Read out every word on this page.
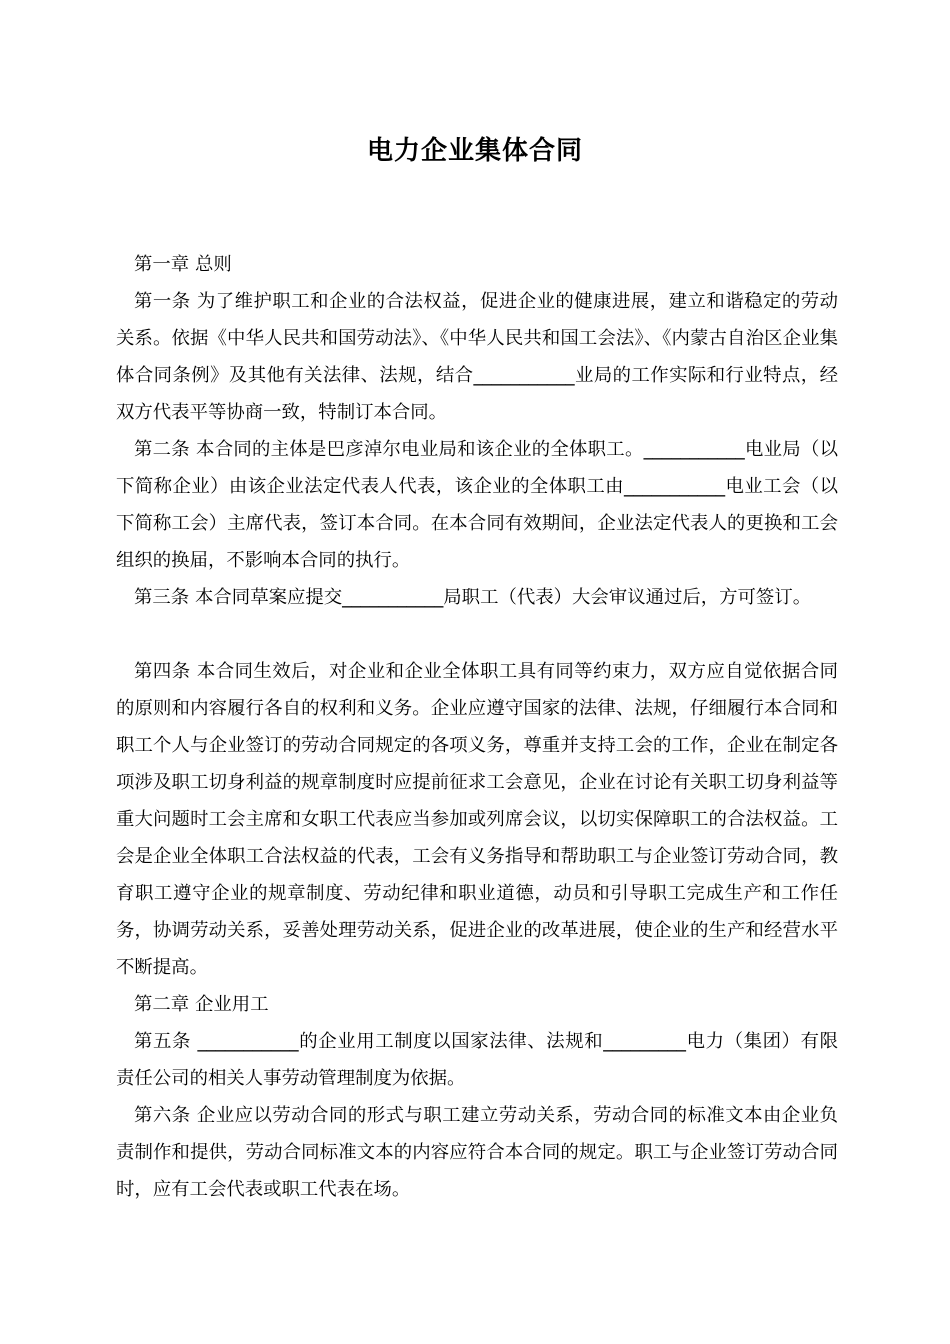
电力企业集体合同

第一章 总则

第一条 为了维护职工和企业的合法权益，促进企业的健康进展，建立和谐稳定的劳动关系。依据《中华人民共和国劳动法》、《中华人民共和国工会法》、《内蒙古自治区企业集体合同条例》及其他有关法律、法规，结合___________业局的工作实际和行业特点，经双方代表平等协商一致，特制订本合同。

第二条 本合同的主体是巴彦淖尔电业局和该企业的全体职工。___________电业局（以下简称企业）由该企业法定代表人代表，该企业的全体职工由___________电业工会（以下简称工会）主席代表，签订本合同。在本合同有效期间，企业法定代表人的更换和工会组织的换届，不影响本合同的执行。

第三条 本合同草案应提交___________局职工（代表）大会审议通过后，方可签订。

第四条 本合同生效后，对企业和企业全体职工具有同等约束力，双方应自觉依据合同的原则和内容履行各自的权利和义务。企业应遵守国家的法律、法规，仔细履行本合同和职工个人与企业签订的劳动合同规定的各项义务，尊重并支持工会的工作，企业在制定各项涉及职工切身利益的规章制度时应提前征求工会意见，企业在讨论有关职工切身利益等重大问题时工会主席和女职工代表应当参加或列席会议，以切实保障职工的合法权益。工会是企业全体职工合法权益的代表，工会有义务指导和帮助职工与企业签订劳动合同，教育职工遵守企业的规章制度、劳动纪律和职业道德，动员和引导职工完成生产和工作任务，协调劳动关系，妥善处理劳动关系，促进企业的改革进展，使企业的生产和经营水平不断提高。

第二章 企业用工

第五条 ___________的企业用工制度以国家法律、法规和_________电力（集团）有限责任公司的相关人事劳动管理制度为依据。

第六条 企业应以劳动合同的形式与职工建立劳动关系，劳动合同的标准文本由企业负责制作和提供，劳动合同标准文本的内容应符合本合同的规定。职工与企业签订劳动合同时，应有工会代表或职工代表在场。
